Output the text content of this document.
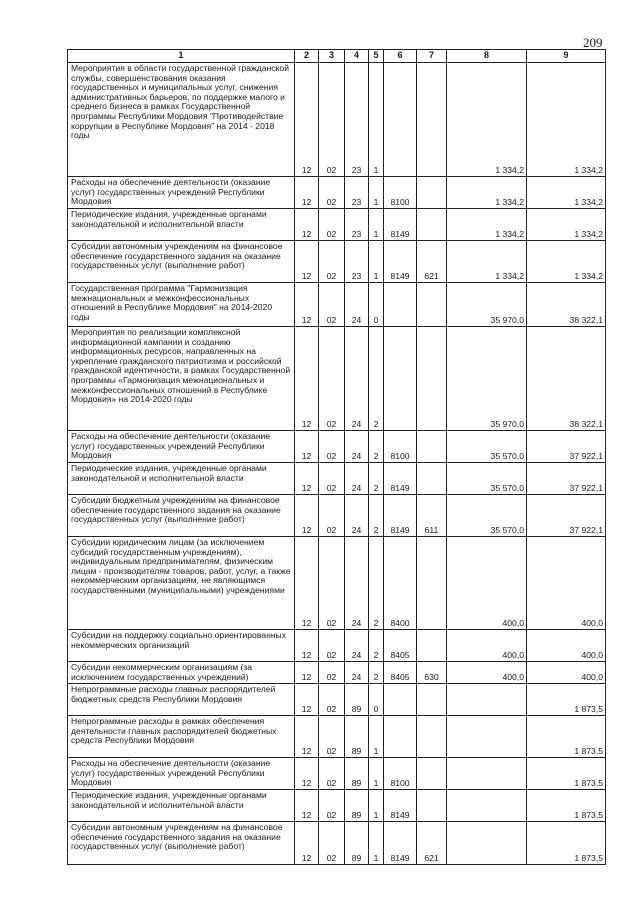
209
1	2	3	4	5	6	7	8	9
Мероприятия в области государственной гражданской службы, совершенствования оказания государственных и муниципальных услуг, снижения административных барьеров, по поддержке малого и среднего бизнеса в рамках Государственной программы Республики Мордовия "Противодействие коррупции в Республике Мордовия" на 2014 - 2018 годы	12	02	23	1			1 334,2	1 334,2
Расходы на обеспечение деятельности (оказание услуг) государственных учреждений Республики Мордовия	12	02	23	1	8100		1 334,2	1 334,2
Периодические издания, учрежденные органами законодательной и исполнительной власти	12	02	23	1	8149		1 334,2	1 334,2
Субсидии автономным учреждениям на финансовое обеспечение государственного задания на оказание государственных услуг (выполнение работ)	12	02	23	1	8149	621	1 334,2	1 334,2
Государственная программа "Гармонизация межнациональных и межконфессиональных отношений в Республике Мордовия" на 2014-2020 годы	12	02	24	0			35 970,0	38 322,1
Мероприятия по реализации комплексной информационной кампании и созданию информационных ресурсов, направленных на укрепление гражданского патриотизма и российской гражданской идентичности, в рамках Государственной программы «Гармонизация межнациональных и межконфессиональных отношений в Республике Мордовия» на 2014-2020 годы	12	02	24	2			35 970,0	38 322,1
Расходы на обеспечение деятельности (оказание услуг) государственных учреждений Республики Мордовия	12	02	24	2	8100		35 570,0	37 922,1
Периодические издания, учрежденные органами законодательной и исполнительной власти	12	02	24	2	8149		35 570,0	37 922,1
Субсидии бюджетным учреждениям на финансовое обеспечение государственного задания на оказание государственных услуг (выполнение работ)	12	02	24	2	8149	611	35 570,0	37 922,1
Субсидии юридическим лицам (за исключением субсидий государственным учреждениям), индивидуальным предпринимателям, физическим лицам - производителям товаров, работ, услуг, а также некоммерческим организациям, не являющимся государственными (муниципальными) учреждениями	12	02	24	2	8400		400,0	400,0
Субсидии на поддержку социально ориентированных некоммерческих организаций	12	02	24	2	8405		400,0	400,0
Субсидии некоммерческим организациям (за исключением государственных учреждений)	12	02	24	2	8405	630	400,0	400,0
Непрограммные расходы главных распорядителей бюджетных средств Республики Мордовия	12	02	89	0				1 873,5
Непрограммные расходы в рамках обеспечения деятельности главных распорядителей бюджетных средств Республики Мордовия	12	02	89	1				1 873,5
Расходы на обеспечение деятельности (оказание услуг) государственных учреждений Республики Мордовия	12	02	89	1	8100			1 873,5
Периодические издания, учрежденные органами законодательной и исполнительной власти	12	02	89	1	8149			1 873,5
Субсидии автономным учреждениям на финансовое обеспечение государственного задания на оказание государственных услуг (выполнение работ)	12	02	89	1	8149	621		1 873,5
